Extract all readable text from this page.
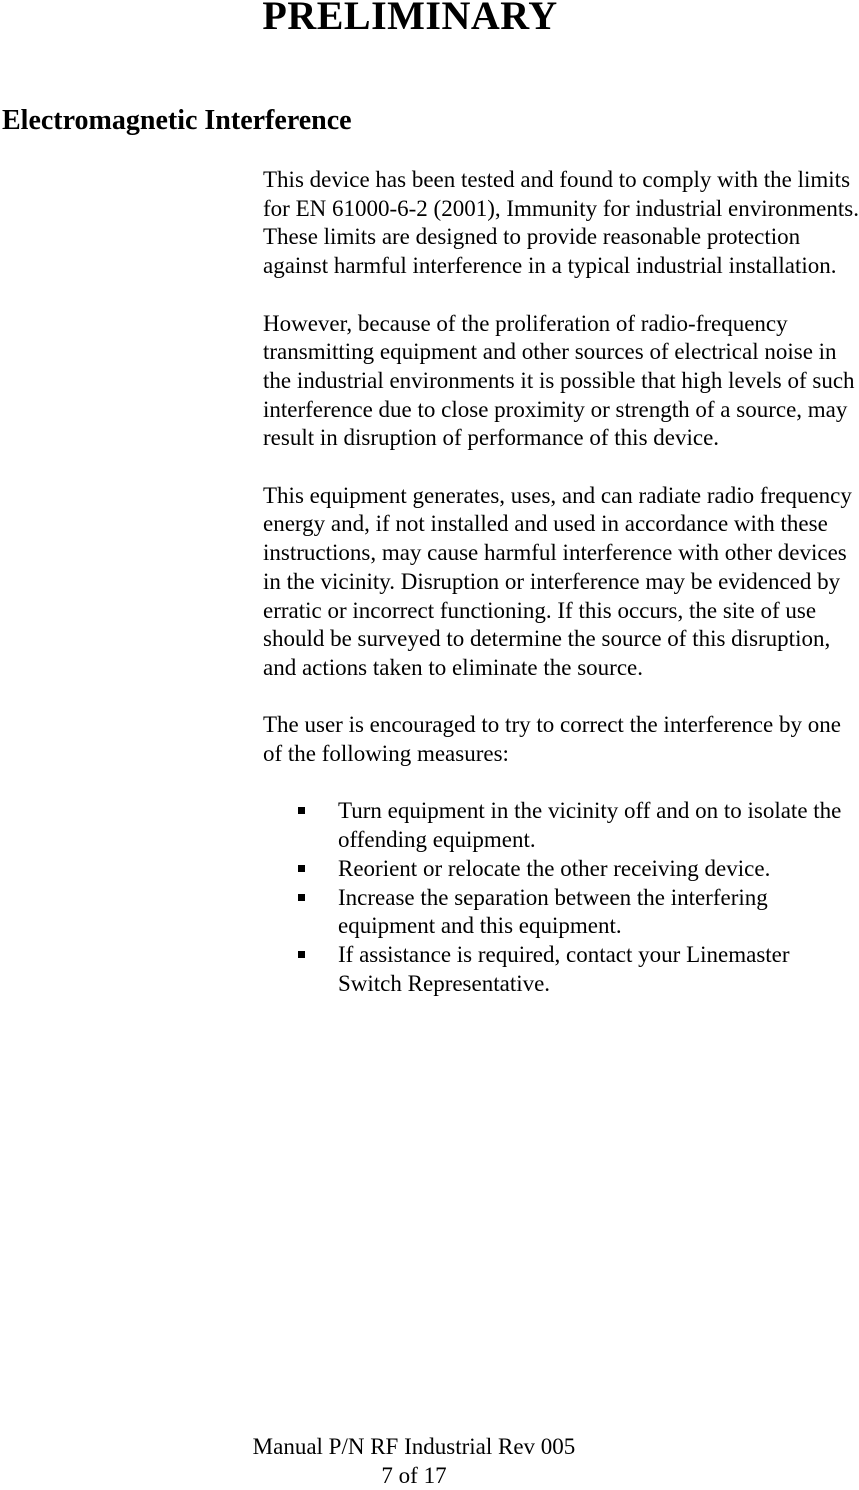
PRELIMINARY
Electromagnetic Interference

This device has been tested and found to comply with the limits for EN 61000-6-2 (2001), Immunity for industrial environments. These limits are designed to provide reasonable protection against harmful interference in a typical industrial installation.

However, because of the proliferation of radio-frequency transmitting equipment and other sources of electrical noise in the industrial environments it is possible that high levels of such interference due to close proximity or strength of a source, may result in disruption of performance of this device.

This equipment generates, uses, and can radiate radio frequency energy and, if not installed and used in accordance with these instructions, may cause harmful interference with other devices in the vicinity. Disruption or interference may be evidenced by erratic or incorrect functioning. If this occurs, the site of use should be surveyed to determine the source of this disruption, and actions taken to eliminate the source.

The user is encouraged to try to correct the interference by one of the following measures:

Turn equipment in the vicinity off and on to isolate the offending equipment.
Reorient or relocate the other receiving device.
Increase the separation between the interfering equipment and this equipment.
If assistance is required, contact your Linemaster Switch Representative.
Manual P/N RF Industrial Rev 005
7 of 17
